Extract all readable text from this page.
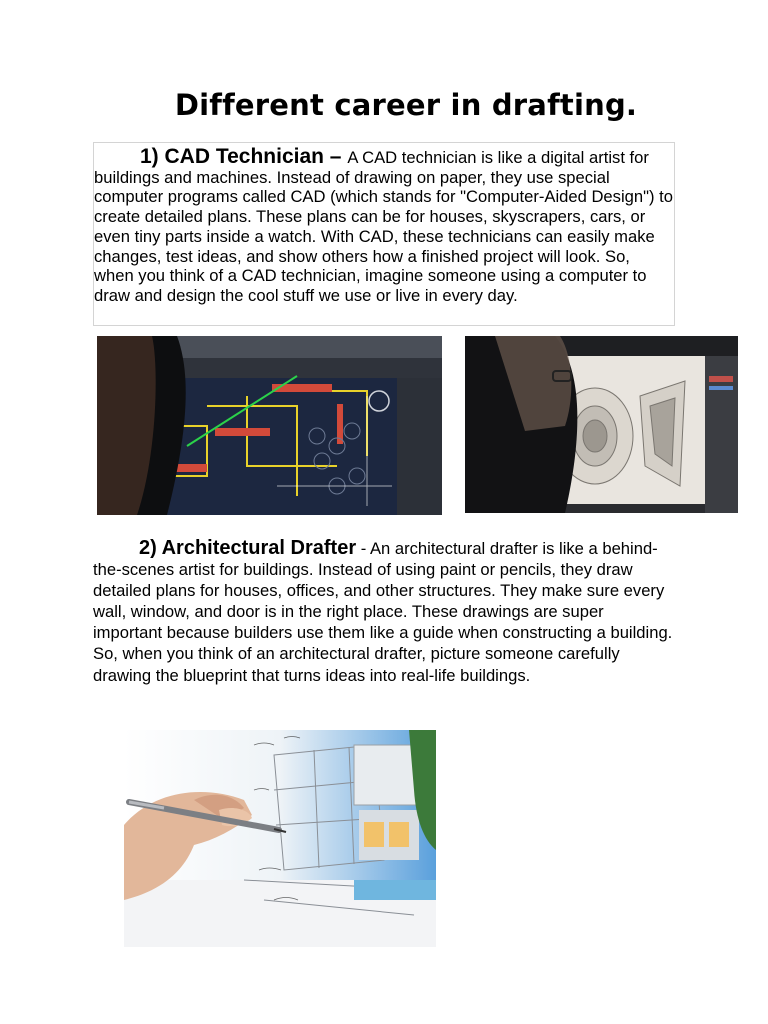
Different career in drafting.

1) CAD Technician – A CAD technician is like a digital artist for buildings and machines. Instead of drawing on paper, they use special computer programs called CAD (which stands for "Computer-Aided Design") to create detailed plans. These plans can be for houses, skyscrapers, cars, or even tiny parts inside a watch. With CAD, these technicians can easily make changes, test ideas, and show others how a finished project will look. So, when you think of a CAD technician, imagine someone using a computer to draw and design the cool stuff we use or live in every day.

2) Architectural Drafter - An architectural drafter is like a behind-the-scenes artist for buildings. Instead of using paint or pencils, they draw detailed plans for houses, offices, and other structures. They make sure every wall, window, and door is in the right place. These drawings are super important because builders use them like a guide when constructing a building. So, when you think of an architectural drafter, picture someone carefully drawing the blueprint that turns ideas into real-life buildings.
